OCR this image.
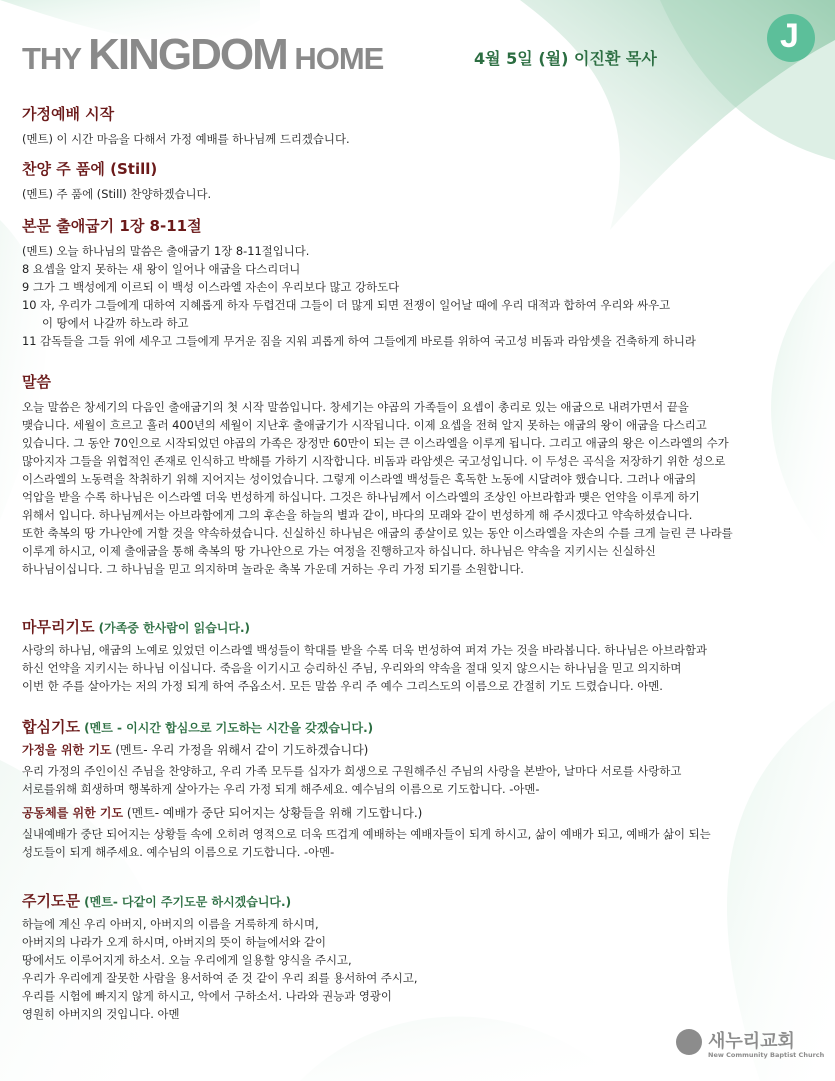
THY KINGDOM HOME	4월 5일 (월) 이진환 목사
J
가정예배 시작
(멘트) 이 시간 마음을 다해서 가정 예배를 하나님께 드리겠습니다.
찬양 주 품에 (Still)
(멘트) 주 품에 (Still) 찬양하겠습니다.
본문 출애굽기 1장 8-11절
(멘트) 오늘 하나님의 말씀은 출애굽기 1장 8-11절입니다.
8 요셉을 알지 못하는 새 왕이 일어나 애굽을 다스리더니
9 그가 그 백성에게 이르되 이 백성 이스라엘 자손이 우리보다 많고 강하도다
10 자, 우리가 그들에게 대하여 지혜롭게 하자 두렵건대 그들이 더 많게 되면 전쟁이 일어날 때에 우리 대적과 합하여 우리와 싸우고
이 땅에서 나갈까 하노라 하고
11 감독들을 그들 위에 세우고 그들에게 무거운 짐을 지워 괴롭게 하여 그들에게 바로를 위하여 국고성 비돔과 라암셋을 건축하게 하니라
말씀
오늘 말씀은 창세기의 다음인 출애굽기의 첫 시작 말씀입니다. 창세기는 야곱의 가족들이 요셉이 총리로 있는 애굽으로 내려가면서 끝을
맺습니다. 세월이 흐르고 흘러 400년의 세월이 지난후 출애굽기가 시작됩니다. 이제 요셉을 전혀 알지 못하는 애굽의 왕이 애굽을 다스리고
있습니다. 그 동안 70인으로 시작되었던 야곱의 가족은 장정만 60만이 되는 큰 이스라엘을 이루게 됩니다. 그리고 애굽의 왕은 이스라엘의 수가
많아지자 그들을 위협적인 존재로 인식하고 박해를 가하기 시작합니다. 비돔과 라암셋은 국고성입니다. 이 두성은 곡식을 저장하기 위한 성으로
이스라엘의 노동력을 착취하기 위해 지어지는 성이었습니다. 그렇게 이스라엘 백성들은 혹독한 노동에 시달려야 했습니다. 그러나 애굽의
억압을 받을 수록 하나님은 이스라엘 더욱 번성하게 하십니다. 그것은 하나님께서 이스라엘의 조상인 아브라함과 맺은 언약을 이루게 하기
위해서 입니다. 하나님께서는 아브라함에게 그의 후손을 하늘의 별과 같이, 바다의 모래와 같이 번성하게 해 주시겠다고 약속하셨습니다.
또한 축복의 땅 가나안에 거할 것을 약속하셨습니다. 신실하신 하나님은 애굽의 종살이로 있는 동안 이스라엘을 자손의 수를 크게 늘린 큰 나라를
이루게 하시고, 이제 출애굽을 통해 축복의 땅 가나안으로 가는 여정을 진행하고자 하십니다. 하나님은 약속을 지키시는 신실하신
하나님이십니다. 그 하나님을 믿고 의지하며 놀라운 축복 가운데 거하는 우리 가정 되기를 소원합니다.
마무리기도 (가족중 한사람이 읽습니다.)
사랑의 하나님, 애굽의 노예로 있었던 이스라엘 백성들이 학대를 받을 수록 더욱 번성하여 퍼져 가는 것을 바라봅니다. 하나님은 아브라함과
하신 언약을 지키시는 하나님 이십니다. 죽음을 이기시고 승리하신 주님, 우리와의 약속을 절대 잊지 않으시는 하나님을 믿고 의지하며
이번 한 주를 살아가는 저의 가정 되게 하여 주옵소서. 모든 말씀 우리 주 예수 그리스도의 이름으로 간절히 기도 드렸습니다. 아멘.
합심기도 (멘트 - 이시간 합심으로 기도하는 시간을 갖겠습니다.)
가정을 위한 기도 (멘트- 우리 가정을 위해서 같이 기도하겠습니다)
우리 가정의 주인이신 주님을 찬양하고, 우리 가족 모두를 십자가 희생으로 구원해주신 주님의 사랑을 본받아, 날마다 서로를 사랑하고
서로를위해 희생하며 행복하게 살아가는 우리 가정 되게 해주세요. 예수님의 이름으로 기도합니다. -아멘-
공동체를 위한 기도 (멘트- 예배가 중단 되어지는 상황들을 위해 기도합니다.)
실내예배가 중단 되어지는 상황들 속에 오히려 영적으로 더욱 뜨겁게 예배하는 예배자들이 되게 하시고, 삶이 예배가 되고, 예배가 삶이 되는
성도들이 되게 해주세요. 예수님의 이름으로 기도합니다. -아멘-
주기도문 (멘트- 다같이 주기도문 하시겠습니다.)
하늘에 계신 우리 아버지, 아버지의 이름을 거룩하게 하시며,
아버지의 나라가 오게 하시며, 아버지의 뜻이 하늘에서와 같이
땅에서도 이루어지게 하소서. 오늘 우리에게 일용할 양식을 주시고,
우리가 우리에게 잘못한 사람을 용서하여 준 것 같이 우리 죄를 용서하여 주시고,
우리를 시험에 빠지지 않게 하시고, 악에서 구하소서. 나라와 권능과 영광이
영원히 아버지의 것입니다. 아멘
새누리교회
New Community Baptist Church
